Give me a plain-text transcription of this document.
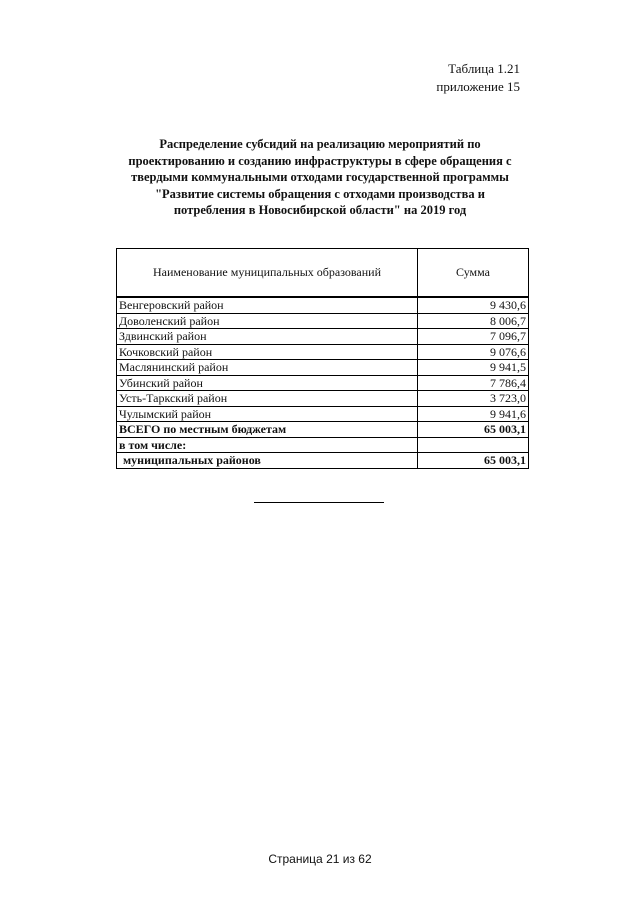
Таблица 1.21
приложение 15
Распределение субсидий на реализацию мероприятий по
проектированию и созданию инфраструктуры в сфере обращения с
твердыми коммунальными отходами государственной программы
"Развитие системы обращения с отходами производства и
потребления в Новосибирской области" на 2019 год
Наименование муниципальных образований	Сумма
Венгеровский район	9 430,6
Доволенский район	8 006,7
Здвинский район	7 096,7
Кочковский район	9 076,6
Маслянинский район	9 941,5
Убинский район	7 786,4
Усть-Таркский район	3 723,0
Чулымский район	9 941,6
ВСЕГО по местным бюджетам	65 003,1
в том числе:	
муниципальных районов	65 003,1
Страница 21 из 62
